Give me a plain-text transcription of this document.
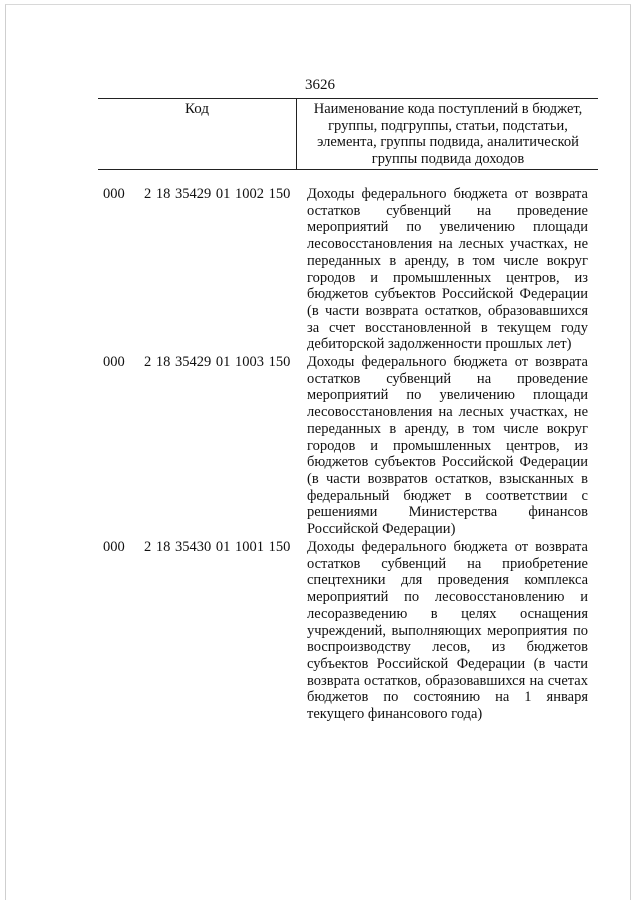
3626
Код	Наименование кода поступлений в бюджет, группы, подгруппы, статьи, подстатьи, элемента, группы подвида, аналитической группы подвида доходов
000 2 18 35429 01 1002 150 Доходы федерального бюджета от возврата остатков субвенций на проведение мероприятий по увеличению площади лесовосстановления на лесных участках, не переданных в аренду, в том числе вокруг городов и промышленных центров, из бюджетов субъектов Российской Федерации (в части возврата остатков, образовавшихся за счет восстановленной в текущем году дебиторской задолженности прошлых лет)
000 2 18 35429 01 1003 150 Доходы федерального бюджета от возврата остатков субвенций на проведение мероприятий по увеличению площади лесовосстановления на лесных участках, не переданных в аренду, в том числе вокруг городов и промышленных центров, из бюджетов субъектов Российской Федерации (в части возвратов остатков, взысканных в федеральный бюджет в соответствии с решениями Министерства финансов Российской Федерации)
000 2 18 35430 01 1001 150 Доходы федерального бюджета от возврата остатков субвенций на приобретение спецтехники для проведения комплекса мероприятий по лесовосстановлению и лесоразведению в целях оснащения учреждений, выполняющих мероприятия по воспроизводству лесов, из бюджетов субъектов Российской Федерации (в части возврата остатков, образовавшихся на счетах бюджетов по состоянию на 1 января текущего финансового года)
